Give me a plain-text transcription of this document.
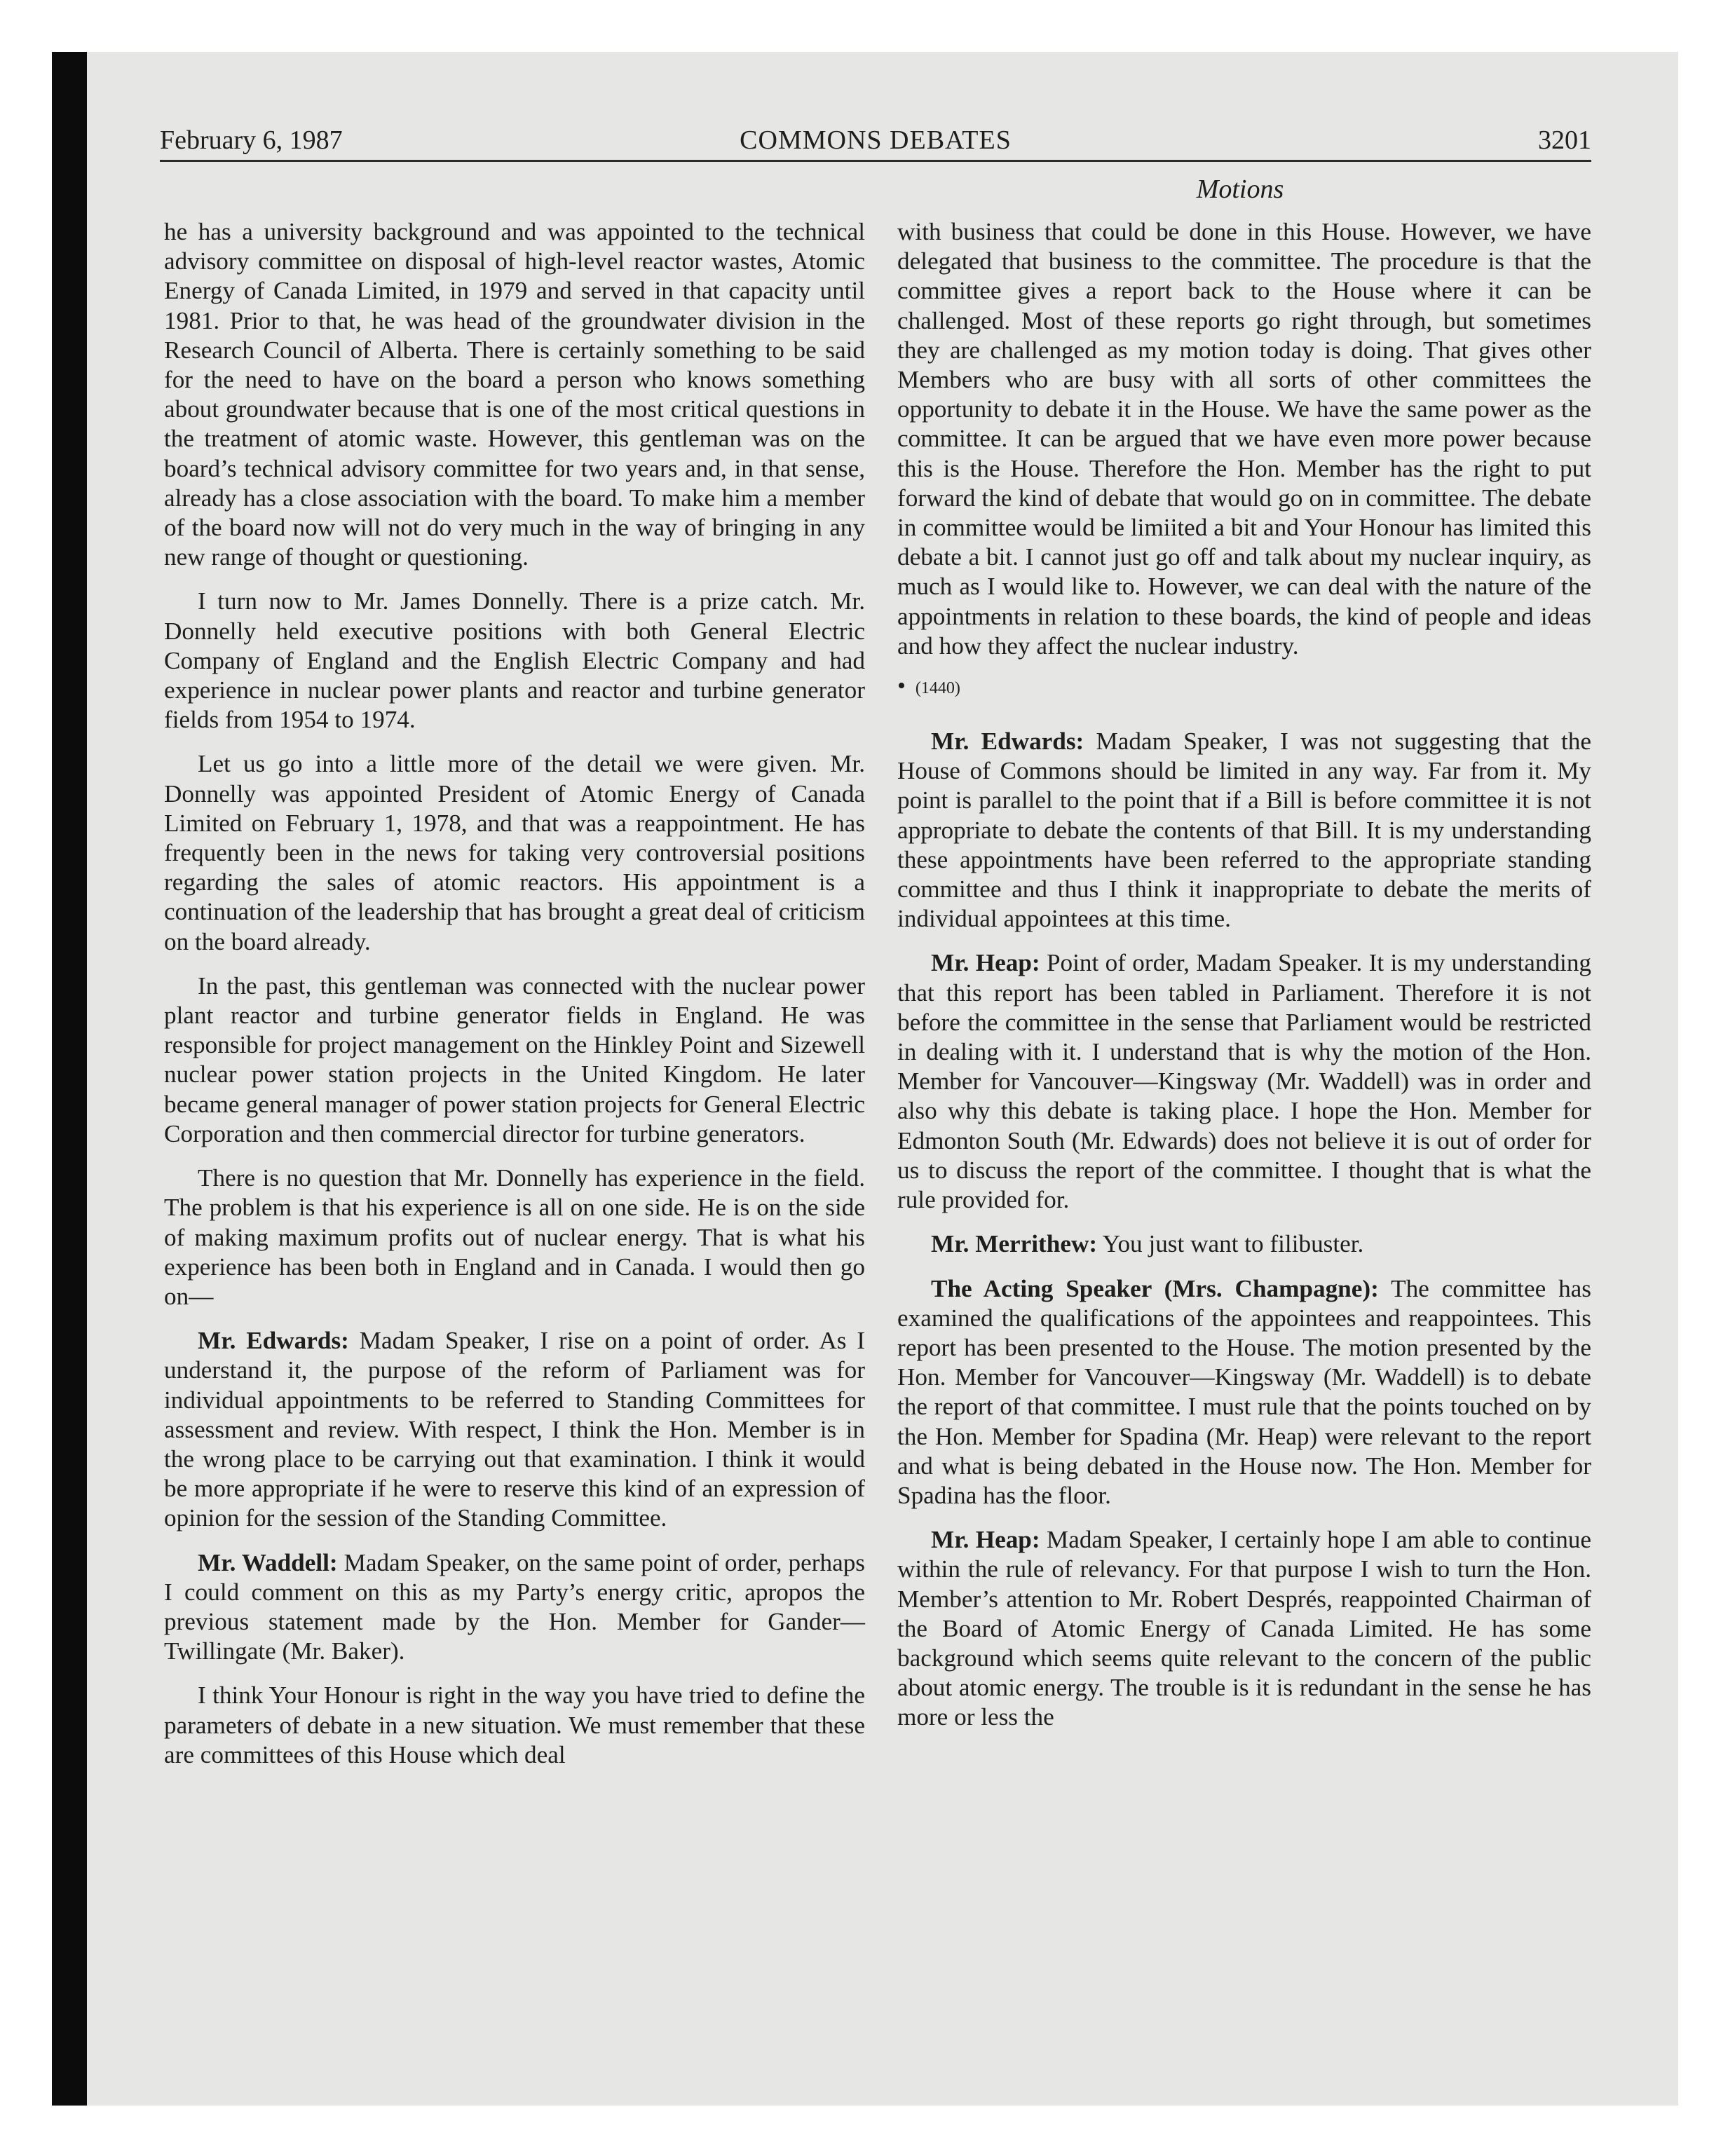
February 6, 1987	COMMONS DEBATES	3201
Motions

he has a university background and was appointed to the technical advisory committee on disposal of high-level reactor wastes, Atomic Energy of Canada Limited, in 1979 and served in that capacity until 1981. Prior to that, he was head of the groundwater division in the Research Council of Alberta. There is certainly something to be said for the need to have on the board a person who knows something about groundwater because that is one of the most critical questions in the treatment of atomic waste. However, this gentleman was on the board’s technical advisory committee for two years and, in that sense, already has a close association with the board. To make him a member of the board now will not do very much in the way of bringing in any new range of thought or questioning.

I turn now to Mr. James Donnelly. There is a prize catch. Mr. Donnelly held executive positions with both General Electric Company of England and the English Electric Company and had experience in nuclear power plants and reactor and turbine generator fields from 1954 to 1974.

Let us go into a little more of the detail we were given. Mr. Donnelly was appointed President of Atomic Energy of Canada Limited on February 1, 1978, and that was a reappointment. He has frequently been in the news for taking very controversial positions regarding the sales of atomic reactors. His appointment is a continuation of the leadership that has brought a great deal of criticism on the board already.

In the past, this gentleman was connected with the nuclear power plant reactor and turbine generator fields in England. He was responsible for project management on the Hinkley Point and Sizewell nuclear power station projects in the United Kingdom. He later became general manager of power station projects for General Electric Corporation and then commercial director for turbine generators.

There is no question that Mr. Donnelly has experience in the field. The problem is that his experience is all on one side. He is on the side of making maximum profits out of nuclear energy. That is what his experience has been both in England and in Canada. I would then go on—

Mr. Edwards: Madam Speaker, I rise on a point of order. As I understand it, the purpose of the reform of Parliament was for individual appointments to be referred to Standing Committees for assessment and review. With respect, I think the Hon. Member is in the wrong place to be carrying out that examination. I think it would be more appropriate if he were to reserve this kind of an expression of opinion for the session of the Standing Committee.

Mr. Waddell: Madam Speaker, on the same point of order, perhaps I could comment on this as my Party’s energy critic, apropos the previous statement made by the Hon. Member for Gander—Twillingate (Mr. Baker).

I think Your Honour is right in the way you have tried to define the parameters of debate in a new situation. We must remember that these are committees of this House which deal

with business that could be done in this House. However, we have delegated that business to the committee. The procedure is that the committee gives a report back to the House where it can be challenged. Most of these reports go right through, but sometimes they are challenged as my motion today is doing. That gives other Members who are busy with all sorts of other committees the opportunity to debate it in the House. We have the same power as the committee. It can be argued that we have even more power because this is the House. Therefore the Hon. Member has the right to put forward the kind of debate that would go on in committee. The debate in committee would be limiited a bit and Your Honour has limited this debate a bit. I cannot just go off and talk about my nuclear inquiry, as much as I would like to. However, we can deal with the nature of the appointments in relation to these boards, the kind of people and ideas and how they affect the nuclear industry.

• (1440)

Mr. Edwards: Madam Speaker, I was not suggesting that the House of Commons should be limited in any way. Far from it. My point is parallel to the point that if a Bill is before committee it is not appropriate to debate the contents of that Bill. It is my understanding these appointments have been referred to the appropriate standing committee and thus I think it inappropriate to debate the merits of individual appointees at this time.

Mr. Heap: Point of order, Madam Speaker. It is my understanding that this report has been tabled in Parliament. Therefore it is not before the committee in the sense that Parliament would be restricted in dealing with it. I understand that is why the motion of the Hon. Member for Vancouver—Kingsway (Mr. Waddell) was in order and also why this debate is taking place. I hope the Hon. Member for Edmonton South (Mr. Edwards) does not believe it is out of order for us to discuss the report of the committee. I thought that is what the rule provided for.

Mr. Merrithew: You just want to filibuster.

The Acting Speaker (Mrs. Champagne): The committee has examined the qualifications of the appointees and reappointees. This report has been presented to the House. The motion presented by the Hon. Member for Vancouver—Kingsway (Mr. Waddell) is to debate the report of that committee. I must rule that the points touched on by the Hon. Member for Spadina (Mr. Heap) were relevant to the report and what is being debated in the House now. The Hon. Member for Spadina has the floor.

Mr. Heap: Madam Speaker, I certainly hope I am able to continue within the rule of relevancy. For that purpose I wish to turn the Hon. Member’s attention to Mr. Robert Després, reappointed Chairman of the Board of Atomic Energy of Canada Limited. He has some background which seems quite relevant to the concern of the public about atomic energy. The trouble is it is redundant in the sense he has more or less the
